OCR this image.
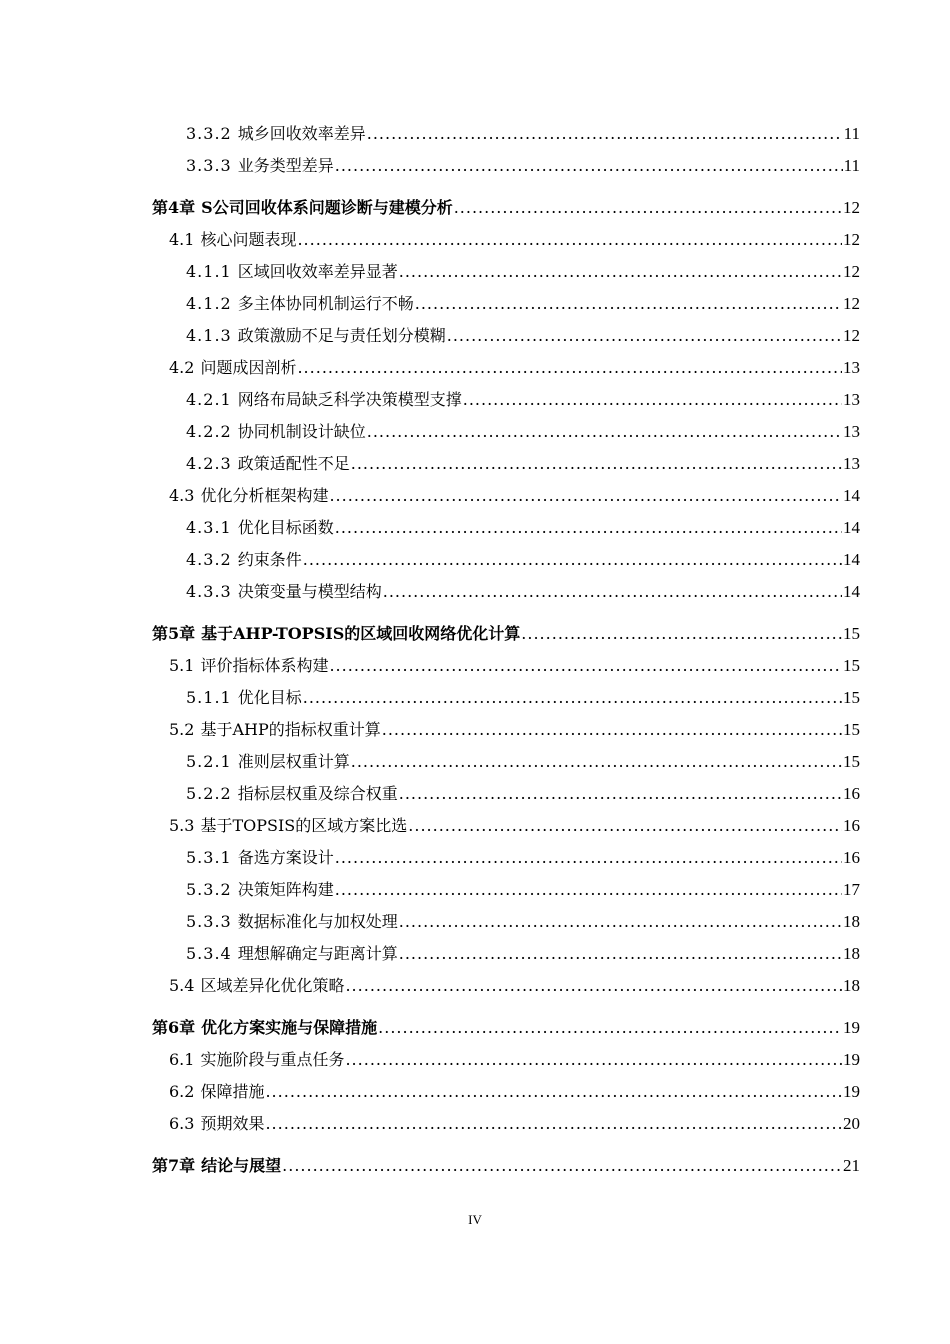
3.3.2 城乡回收效率差异 .....	11
3.3.3 业务类型差异 .....	11
第4章 S公司回收体系问题诊断与建模分析 .....	12
4.1 核心问题表现 .....	12
4.1.1 区域回收效率差异显著 .....	12
4.1.2 多主体协同机制运行不畅 .....	12
4.1.3 政策激励不足与责任划分模糊 .....	12
4.2 问题成因剖析 .....	13
4.2.1 网络布局缺乏科学决策模型支撑 .....	13
4.2.2 协同机制设计缺位 .....	13
4.2.3 政策适配性不足 .....	13
4.3 优化分析框架构建 .....	14
4.3.1 优化目标函数 .....	14
4.3.2 约束条件 .....	14
4.3.3 决策变量与模型结构 .....	14
第5章 基于AHP-TOPSIS的区域回收网络优化计算 .....	15
5.1 评价指标体系构建 .....	15
5.1.1 优化目标 .....	15
5.2 基于AHP的指标权重计算 .....	15
5.2.1 准则层权重计算 .....	15
5.2.2 指标层权重及综合权重 .....	16
5.3 基于TOPSIS的区域方案比选 .....	16
5.3.1 备选方案设计 .....	16
5.3.2 决策矩阵构建 .....	17
5.3.3 数据标准化与加权处理 .....	18
5.3.4 理想解确定与距离计算 .....	18
5.4 区域差异化优化策略 .....	18
第6章 优化方案实施与保障措施 .....	19
6.1 实施阶段与重点任务 .....	19
6.2 保障措施 .....	19
6.3 预期效果 .....	20
第7章 结论与展望 .....	21
IV
